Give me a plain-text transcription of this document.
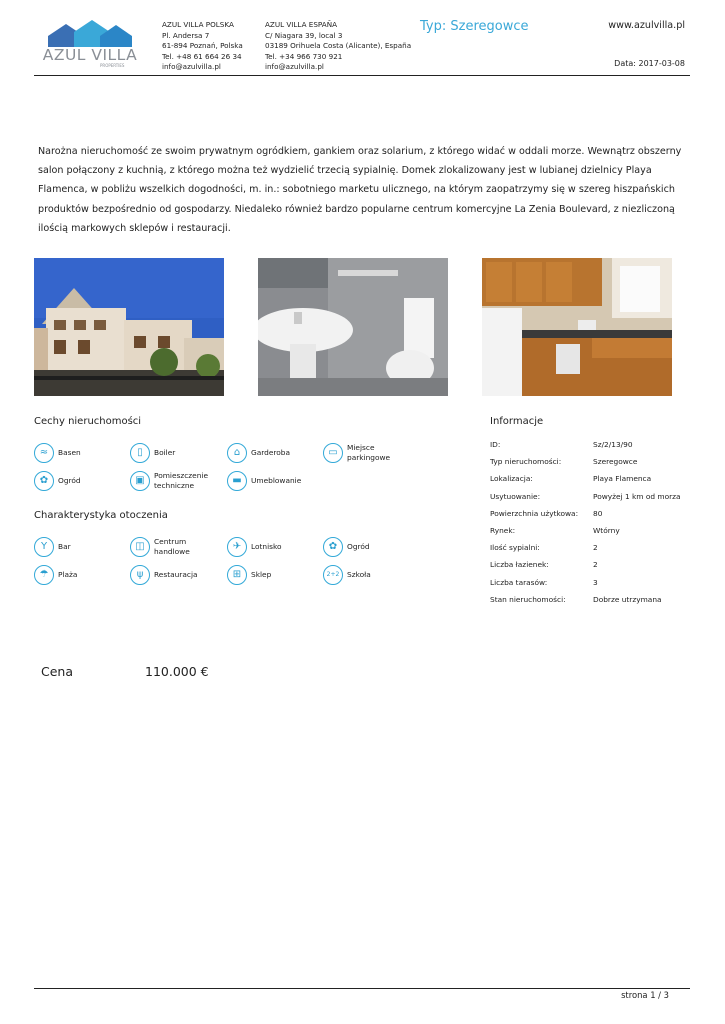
AZUL VILLA
PROPERTIES
AZUL VILLA POLSKA
Pl. Andersa 7
61-894 Poznań, Polska
Tel. +48 61 664 26 34
info@azulvilla.pl
AZUL VILLA ESPAÑA
C/ Niagara 39, local 3
03189 Orihuela Costa (Alicante), España
Tel. +34 966 730 921
info@azulvilla.pl
Typ: Szeregowce	www.azulvilla.pl
Data: 2017-03-08
Narożna nieruchomość ze swoim prywatnym ogródkiem, gankiem oraz solarium, z którego widać w oddali morze. Wewnątrz obszerny salon połączony z kuchnią, z którego można też wydzielić trzecią sypialnię. Domek zlokalizowany jest w lubianej dzielnicy Playa Flamenca, w pobliżu wszelkich dogodności, m. in.: sobotniego marketu ulicznego, na którym zaopatrzymy się w szereg hiszpańskich produktów bezpośrednio od gospodarzy. Niedaleko również bardzo popularne centrum komercyjne La Zenia Boulevard, z niezliczoną ilością markowych sklepów i restauracji.
Cechy nieruchomości
≈	Basen	▯	Boiler	⌂	Garderoba	▭	Miejsce parkingowe
✿	Ogród	▣	Pomieszczenie techniczne	▬	Umeblowanie
Charakterystyka otoczenia
Y	Bar	◫	Centrum handlowe	✈	Lotnisko	✿	Ogród
☂	Plaża	ψ	Restauracja	⊞	Sklep	2+2	Szkoła
Informacje
ID:	Sz/2/13/90
Typ nieruchomości:	Szeregowce
Lokalizacja:	Playa Flamenca
Usytuowanie:	Powyżej 1 km od morza
Powierzchnia użytkowa: 80
Rynek:	Wtórny
Ilość sypialni:	2
Liczba łazienek:	2
Liczba tarasów:	3
Stan nieruchomości:	Dobrze utrzymana
Cena	110.000 €
strona 1 / 3
